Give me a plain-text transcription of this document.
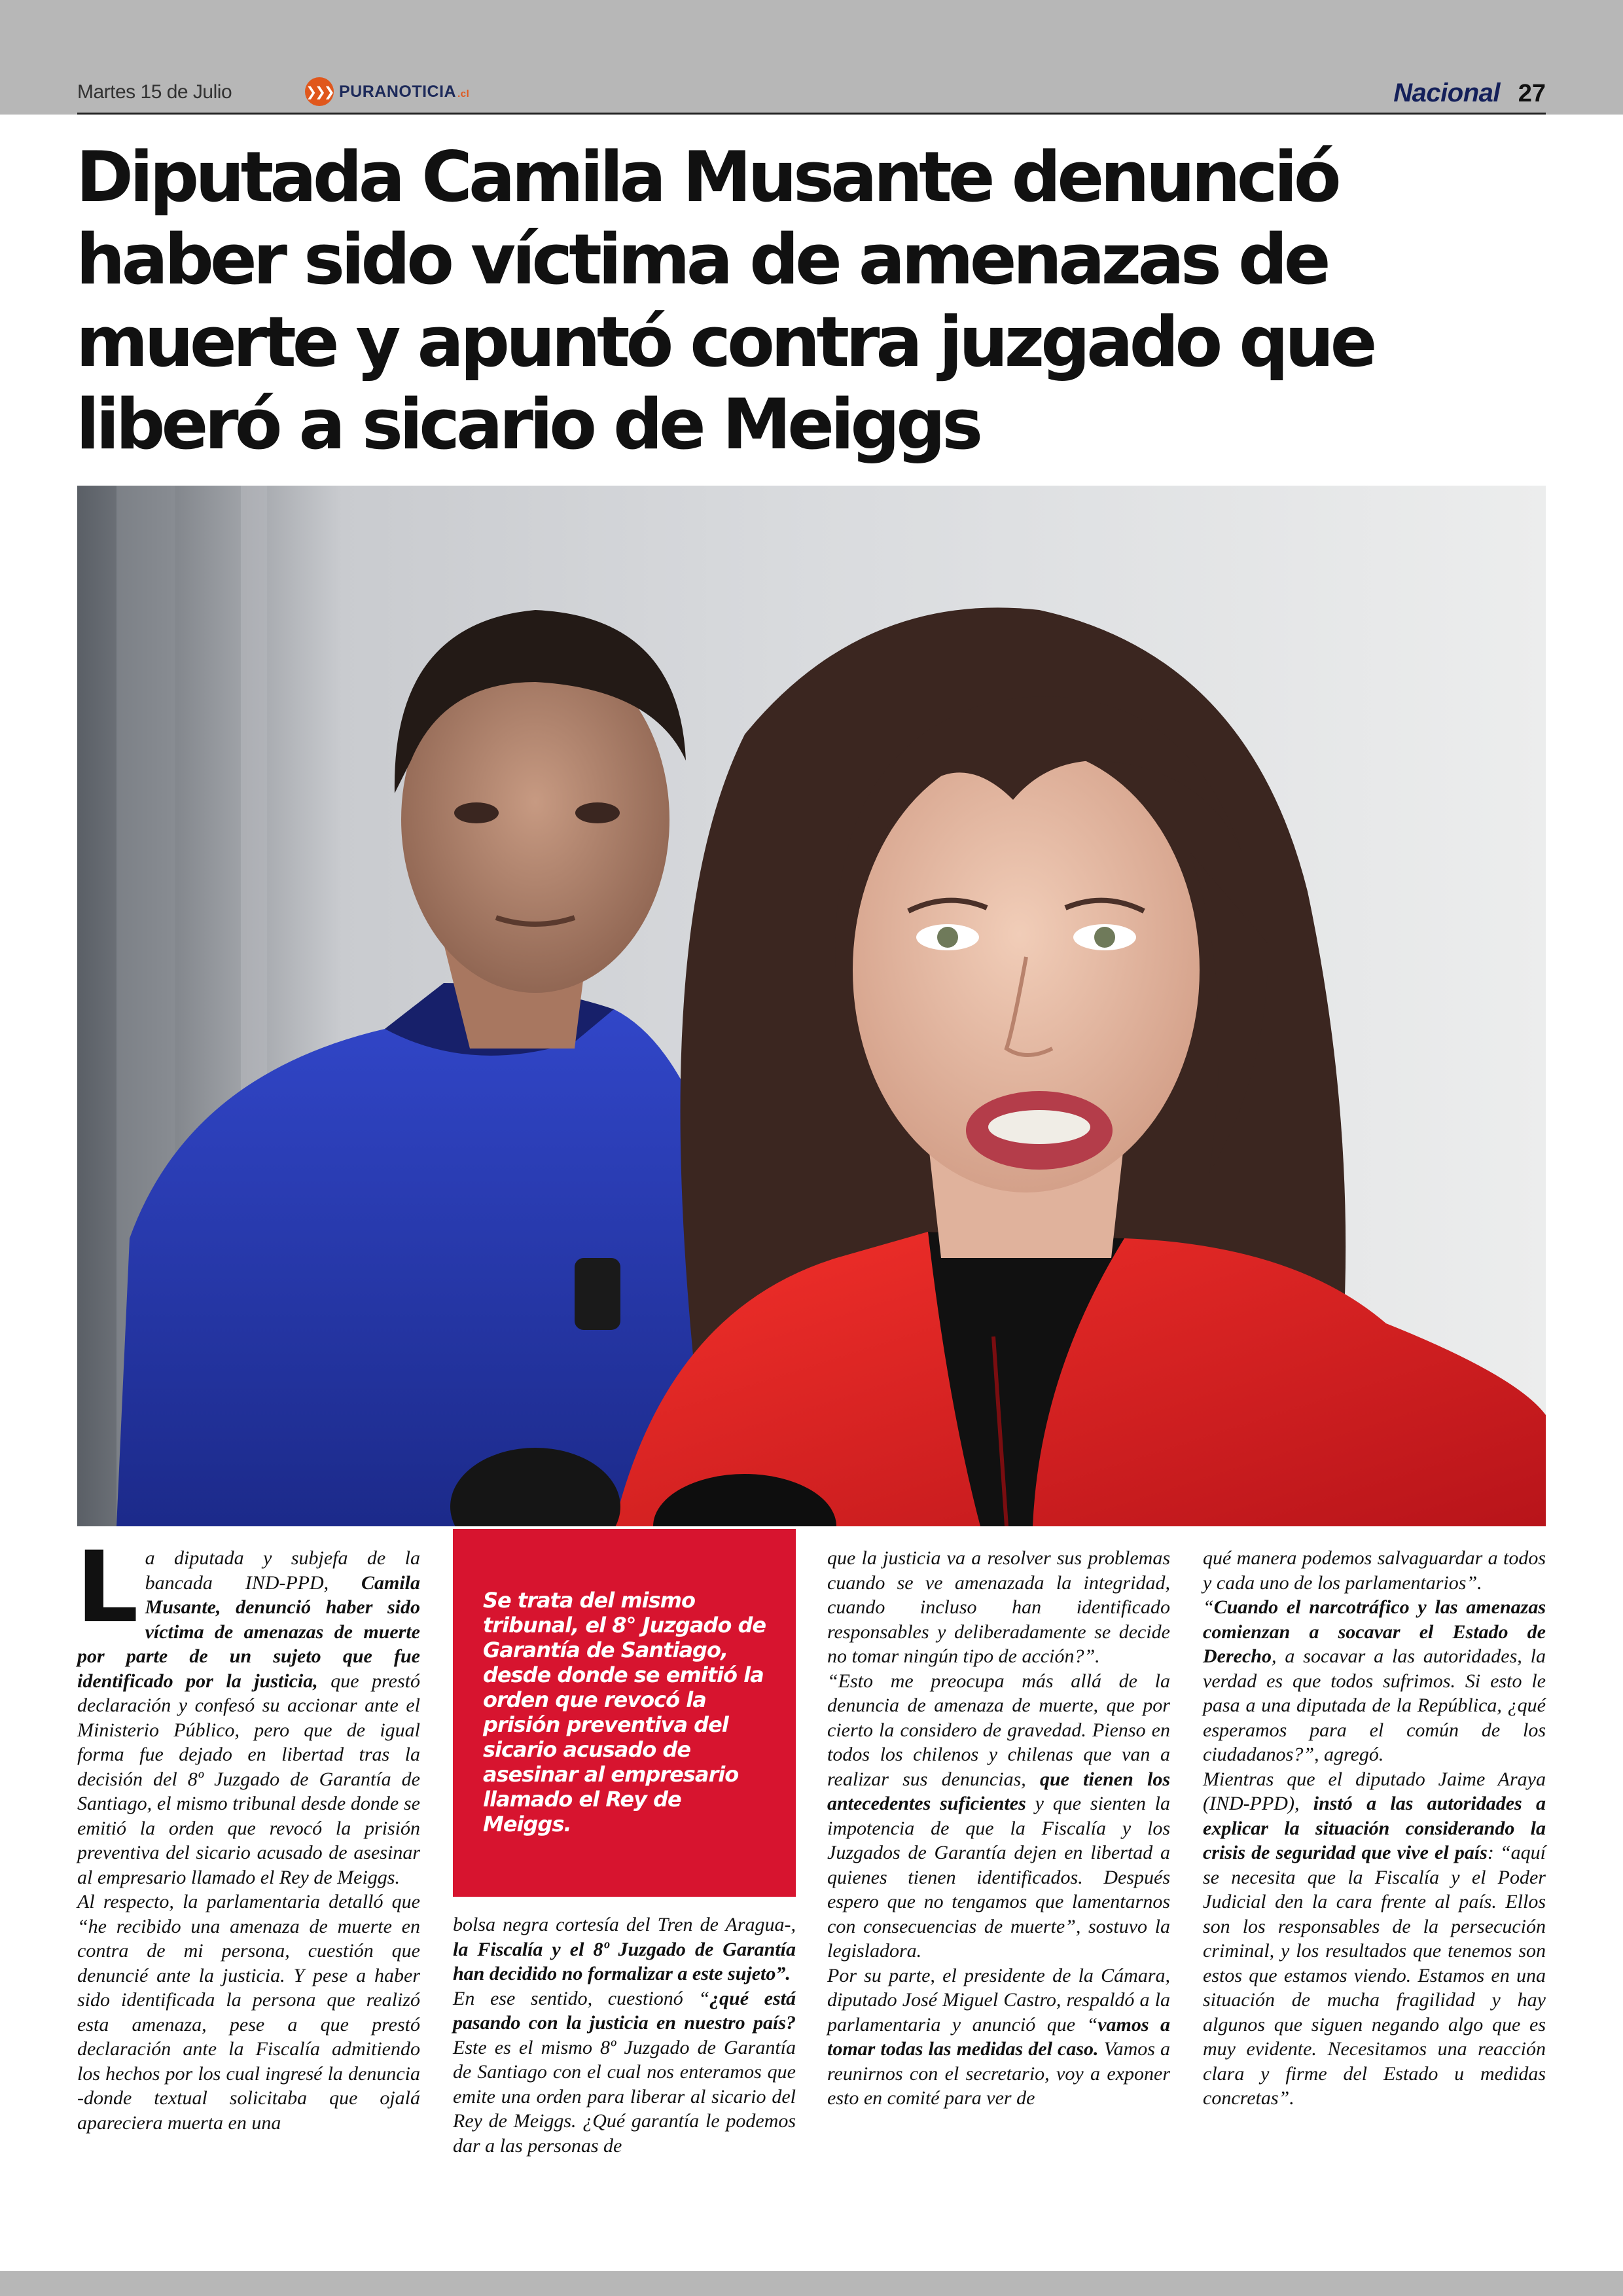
Martes 15 de Julio	❯❯❯ PURANOTICIA .cl	Nacional 27
Diputada Camila Musante denunció haber sido víctima de amenazas de muerte y apuntó contra juzgado que liberó a sicario de Meiggs

La diputada y subjefa de la bancada IND-PPD, Camila Musante, denunció haber sido víctima de amenazas de muerte por parte de un sujeto que fue identificado por la justicia, que prestó declaración y confesó su accionar ante el Ministerio Público, pero que de igual forma fue dejado en libertad tras la decisión del 8º Juzgado de Garantía de Santiago, el mismo tribunal desde donde se emitió la orden que revocó la prisión preventiva del sicario acusado de asesinar al empresario llamado el Rey de Meiggs.

Al respecto, la parlamentaria detalló que “he recibido una amenaza de muerte en contra de mi persona, cuestión que denuncié ante la justicia. Y pese a haber sido identificada la persona que realizó esta amenaza, pese a que prestó declaración ante la Fiscalía admitiendo los hechos por los cual ingresé la denuncia -donde textual solicitaba que ojalá apareciera muerta en una

Se trata del mismo tribunal, el 8° Juzgado de Garantía de Santiago, desde donde se emitió la orden que revocó la prisión preventiva del sicario acusado de asesinar al empresario llamado el Rey de Meiggs.

bolsa negra cortesía del Tren de Aragua-, la Fiscalía y el 8º Juzgado de Garantía han decidido no formalizar a este sujeto”.

En ese sentido, cuestionó “¿qué está pasando con la justicia en nuestro país? Este es el mismo 8º Juzgado de Garantía de Santiago con el cual nos enteramos que emite una orden para liberar al sicario del Rey de Meiggs. ¿Qué garantía le podemos dar a las personas de

que la justicia va a resolver sus problemas cuando se ve amenazada la integridad, cuando incluso han identificado responsables y deliberadamente se decide no tomar ningún tipo de acción?”.

“Esto me preocupa más allá de la denuncia de amenaza de muerte, que por cierto la considero de gravedad. Pienso en todos los chilenos y chilenas que van a realizar sus denuncias, que tienen los antecedentes suficientes y que sienten la impotencia de que la Fiscalía y los Juzgados de Garantía dejen en libertad a quienes tienen identificados. Después espero que no tengamos que lamentarnos con consecuencias de muerte”, sostuvo la legisladora.

Por su parte, el presidente de la Cámara, diputado José Miguel Castro, respaldó a la parlamentaria y anunció que “vamos a tomar todas las medidas del caso. Vamos a reunirnos con el secretario, voy a exponer esto en comité para ver de

qué manera podemos salvaguardar a todos y cada uno de los parlamentarios”.

“Cuando el narcotráfico y las amenazas comienzan a socavar el Estado de Derecho, a socavar a las autoridades, la verdad es que todos sufrimos. Si esto le pasa a una diputada de la República, ¿qué esperamos para el común de los ciudadanos?”, agregó.

Mientras que el diputado Jaime Araya (IND-PPD), instó a las autoridades a explicar la situación considerando la crisis de seguridad que vive el país: “aquí se necesita que la Fiscalía y el Poder Judicial den la cara frente al país. Ellos son los responsables de la persecución criminal, y los resultados que tenemos son estos que estamos viendo. Estamos en una situación de mucha fragilidad y hay algunos que siguen negando algo que es muy evidente. Necesitamos una reacción clara y firme del Estado u medidas concretas”.
